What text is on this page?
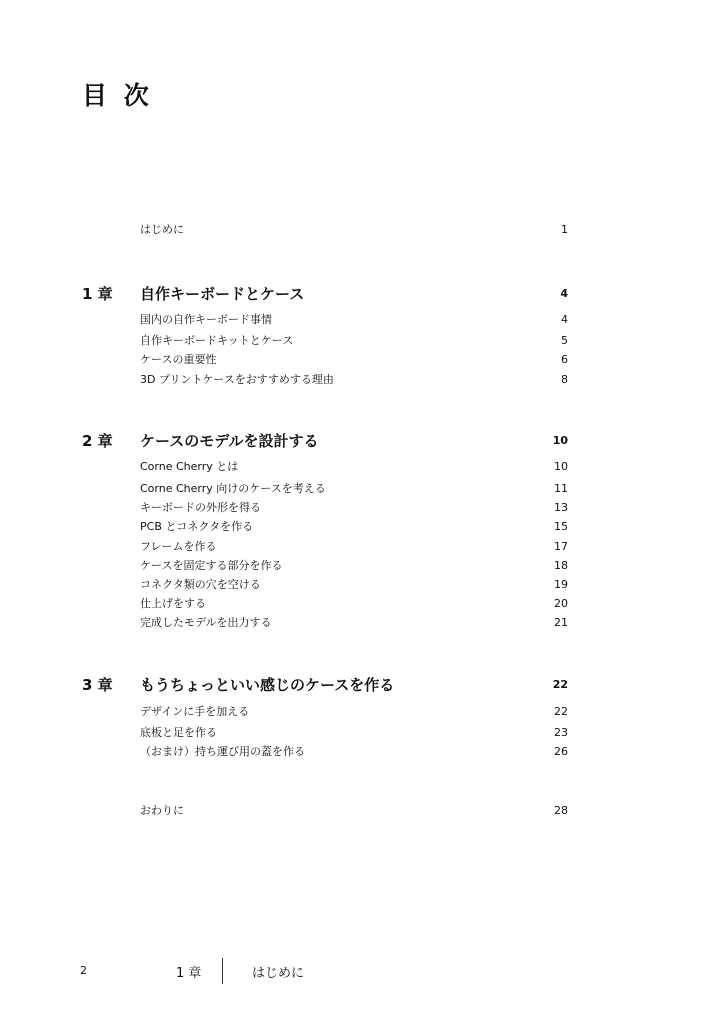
目 次
はじめに	1
1 章 自作キーボードとケース	4
国内の自作キーボード事情	4
自作キーボードキットとケース	5
ケースの重要性	6
3D プリントケースをおすすめする理由	8
2 章 ケースのモデルを設計する	10
Corne Cherry とは	10
Corne Cherry 向けのケースを考える	11
キーボードの外形を得る	13
PCB とコネクタを作る	15
フレームを作る	17
ケースを固定する部分を作る	18
コネクタ類の穴を空ける	19
仕上げをする	20
完成したモデルを出力する	21
3 章 もうちょっといい感じのケースを作る	22
デザインに手を加える	22
底板と足を作る	23
（おまけ）持ち運び用の蓋を作る	26
おわりに	28
2	1 章	はじめに
